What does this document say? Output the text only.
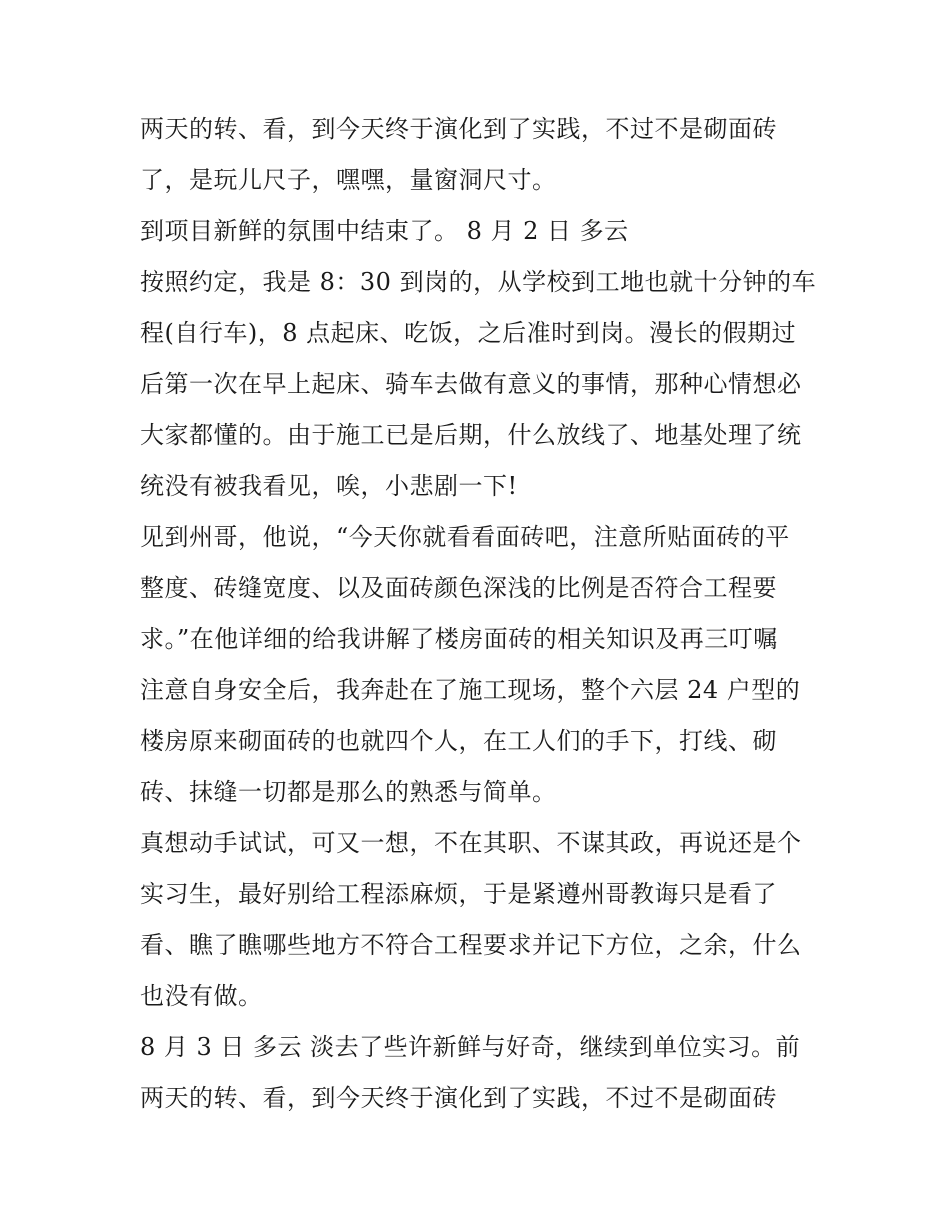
两天的转、看，到今天终于演化到了实践，不过不是砌面砖
了，是玩儿尺子，嘿嘿，量窗洞尺寸。
到项目新鲜的氛围中结束了。 8 月 2 日 多云
按照约定，我是 8：30 到岗的，从学校到工地也就十分钟的车
程(自行车)，8 点起床、吃饭，之后准时到岗。漫长的假期过
后第一次在早上起床、骑车去做有意义的事情，那种心情想必
大家都懂的。由于施工已是后期，什么放线了、地基处理了统
统没有被我看见，唉，小悲剧一下!
见到州哥，他说，“今天你就看看面砖吧，注意所贴面砖的平
整度、砖缝宽度、以及面砖颜色深浅的比例是否符合工程要
求。”在他详细的给我讲解了楼房面砖的相关知识及再三叮嘱
注意自身安全后，我奔赴在了施工现场，整个六层 24 户型的
楼房原来砌面砖的也就四个人，在工人们的手下，打线、砌
砖、抹缝一切都是那么的熟悉与简单。
真想动手试试，可又一想，不在其职、不谋其政，再说还是个
实习生，最好别给工程添麻烦，于是紧遵州哥教诲只是看了
看、瞧了瞧哪些地方不符合工程要求并记下方位，之余，什么
也没有做。
8 月 3 日 多云 淡去了些许新鲜与好奇，继续到单位实习。前
两天的转、看，到今天终于演化到了实践，不过不是砌面砖
